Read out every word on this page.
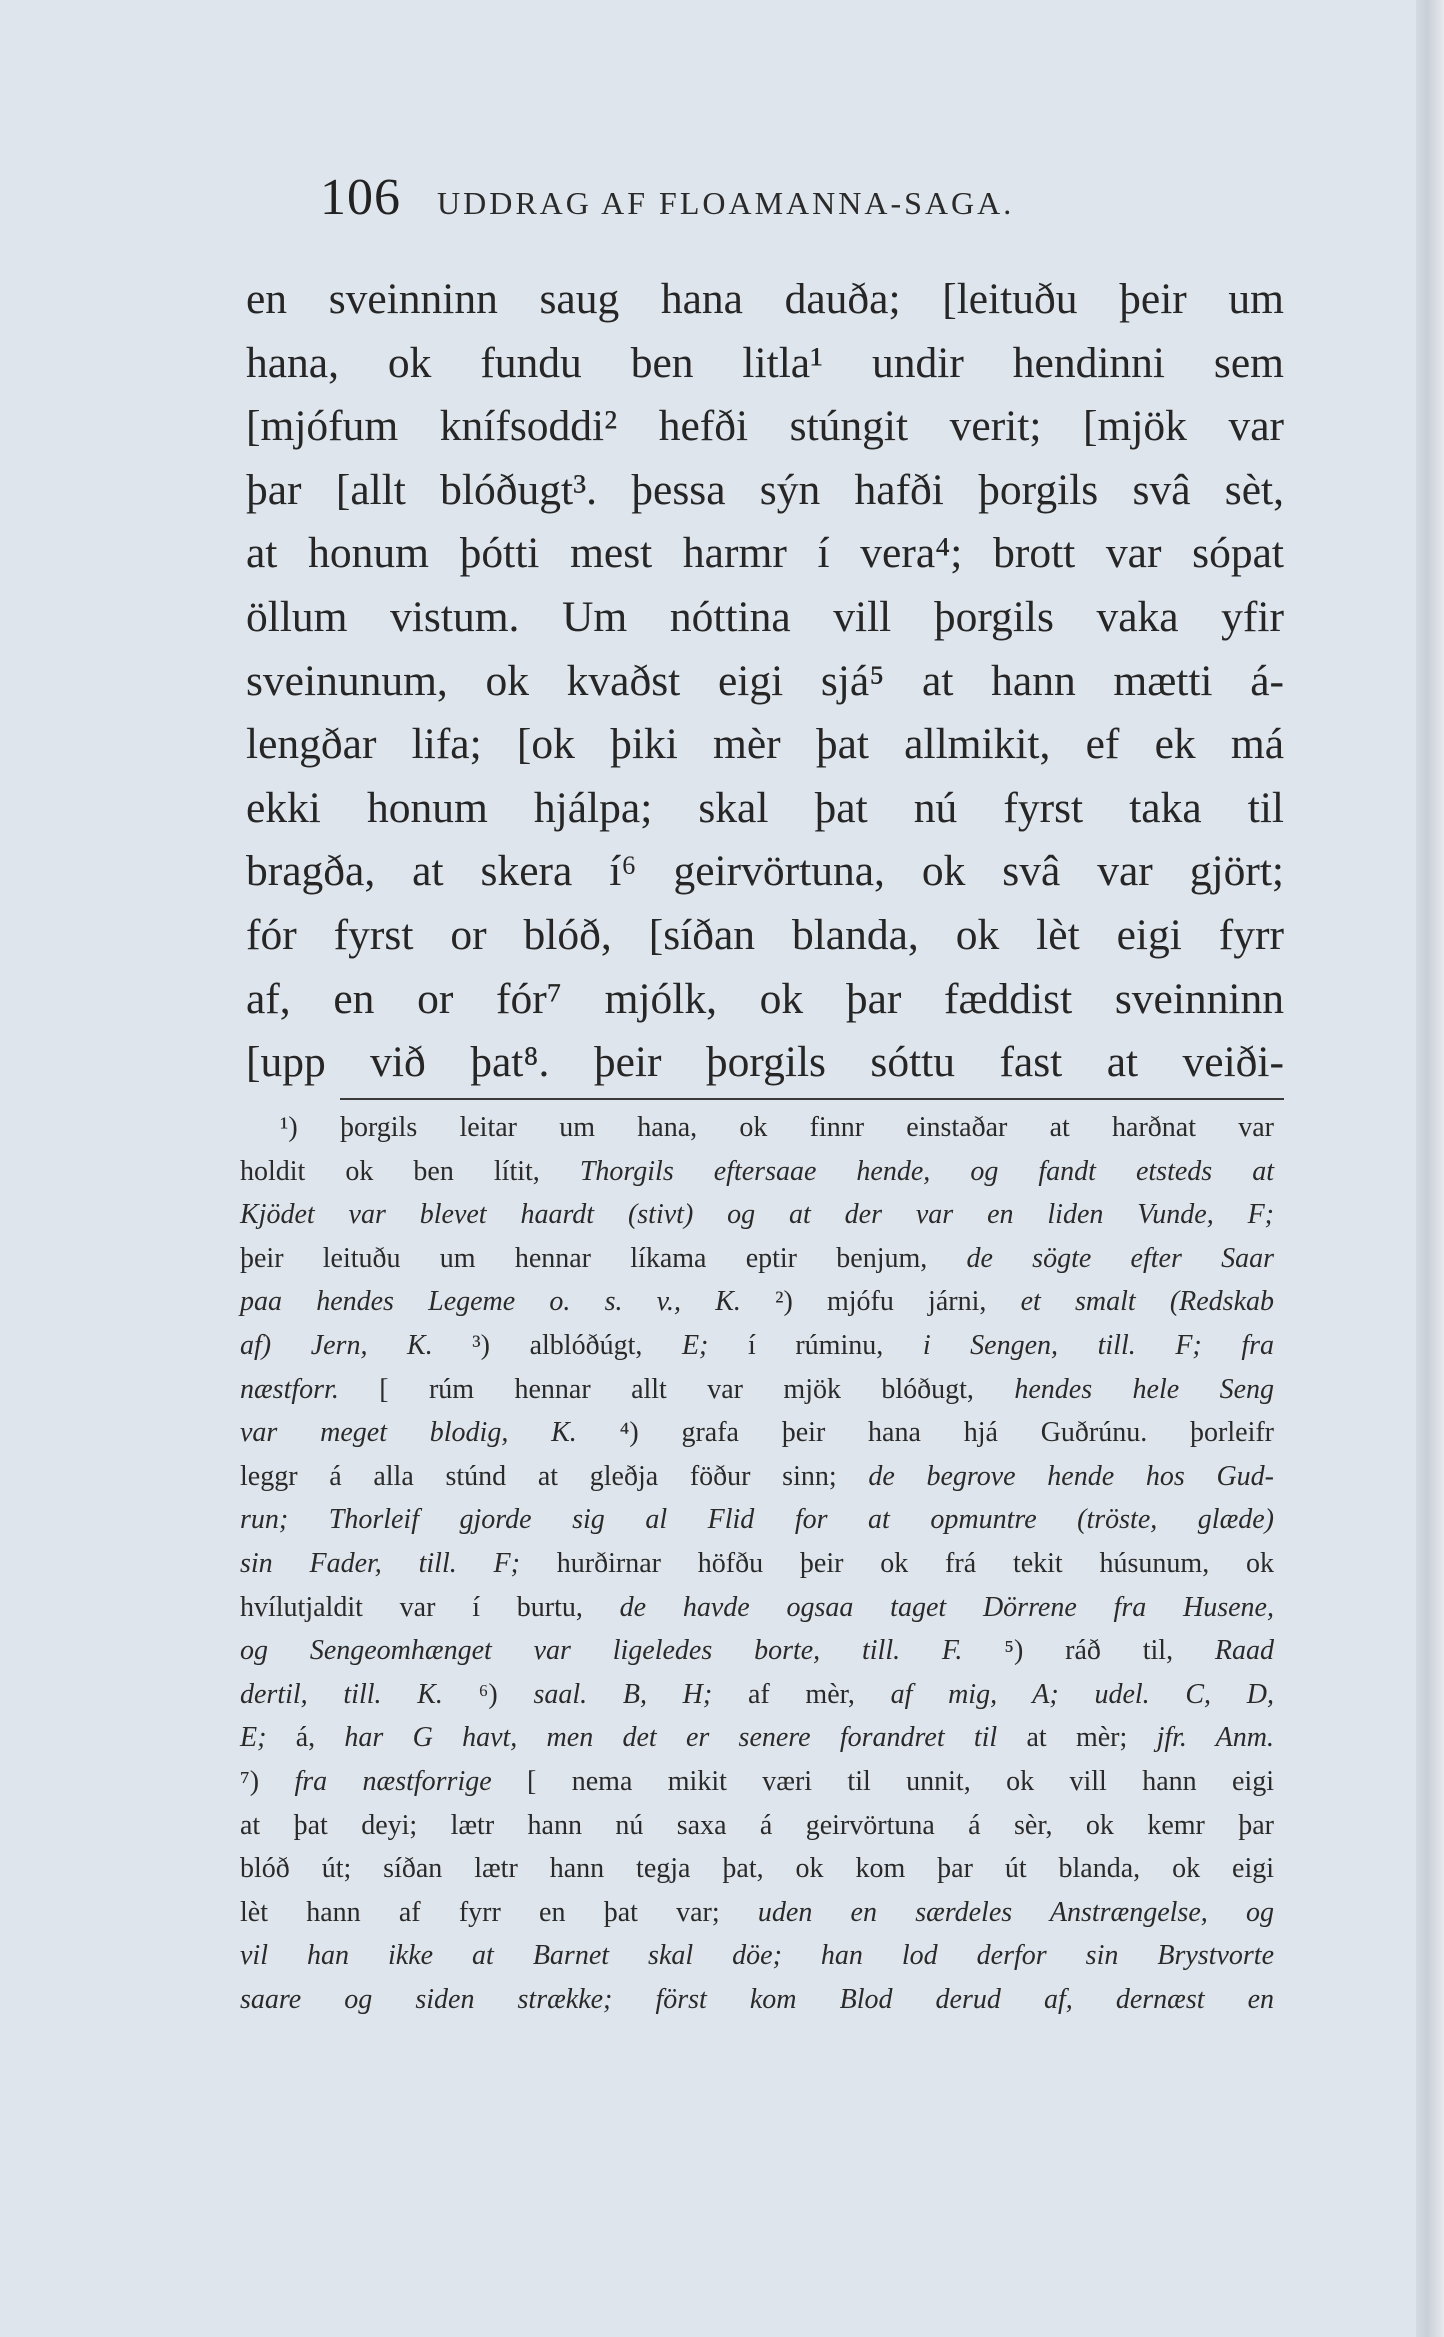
106 UDDRAG AF FLOAMANNA-SAGA.
en sveinninn saug hana dauða; [leituðu þeir um
hana, ok fundu ben litla¹ undir hendinni sem
[mjófum knífsoddi² hefði stúngit verit; [mjök var
þar [allt blóðugt³. þessa sýn hafði þorgils svâ sèt,
at honum þótti mest harmr í vera⁴; brott var sópat
öllum vistum. Um nóttina vill þorgils vaka yfir
sveinunum, ok kvaðst eigi sjá⁵ at hann mætti á-
lengðar lifa; [ok þiki mèr þat allmikit, ef ek má
ekki honum hjálpa; skal þat nú fyrst taka til
bragða, at skera í⁶ geirvörtuna, ok svâ var gjört;
fór fyrst or blóð, [síðan blanda, ok lèt eigi fyrr
af, en or fór⁷ mjólk, ok þar fæddist sveinninn
[upp við þat⁸. þeir þorgils sóttu fast at veiði-
¹) þorgils leitar um hana, ok finnr einstaðar at harðnat var
holdit ok ben lítit, Thorgils eftersaae hende, og fandt etsteds at
Kjödet var blevet haardt (stivt) og at der var en liden Vunde, F;
þeir leituðu um hennar líkama eptir benjum, de sögte efter Saar
paa hendes Legeme o. s. v., K. ²) mjófu járni, et smalt (Redskab
af) Jern, K. ³) alblóðúgt, E; í rúminu, i Sengen, till. F; fra
næstforr. [ rúm hennar allt var mjök blóðugt, hendes hele Seng
var meget blodig, K. ⁴) grafa þeir hana hjá Guðrúnu. þorleifr
leggr á alla stúnd at gleðja föður sinn; de begrove hende hos Gud-
run; Thorleif gjorde sig al Flid for at opmuntre (tröste, glæde)
sin Fader, till. F; hurðirnar höfðu þeir ok frá tekit húsunum, ok
hvílutjaldit var í burtu, de havde ogsaa taget Dörrene fra Husene,
og Sengeomhænget var ligeledes borte, till. F. ⁵) ráð til, Raad
dertil, till. K. ⁶) saal. B, H; af mèr, af mig, A; udel. C, D,
E; á, har G havt, men det er senere forandret til at mèr; jfr. Anm.
⁷) fra næstforrige [ nema mikit væri til unnit, ok vill hann eigi
at þat deyi; lætr hann nú saxa á geirvörtuna á sèr, ok kemr þar
blóð út; síðan lætr hann tegja þat, ok kom þar út blanda, ok eigi
lèt hann af fyrr en þat var; uden en særdeles Anstrængelse, og
vil han ikke at Barnet skal döe; han lod derfor sin Brystvorte
saare og siden strække; först kom Blod derud af, dernæst en
